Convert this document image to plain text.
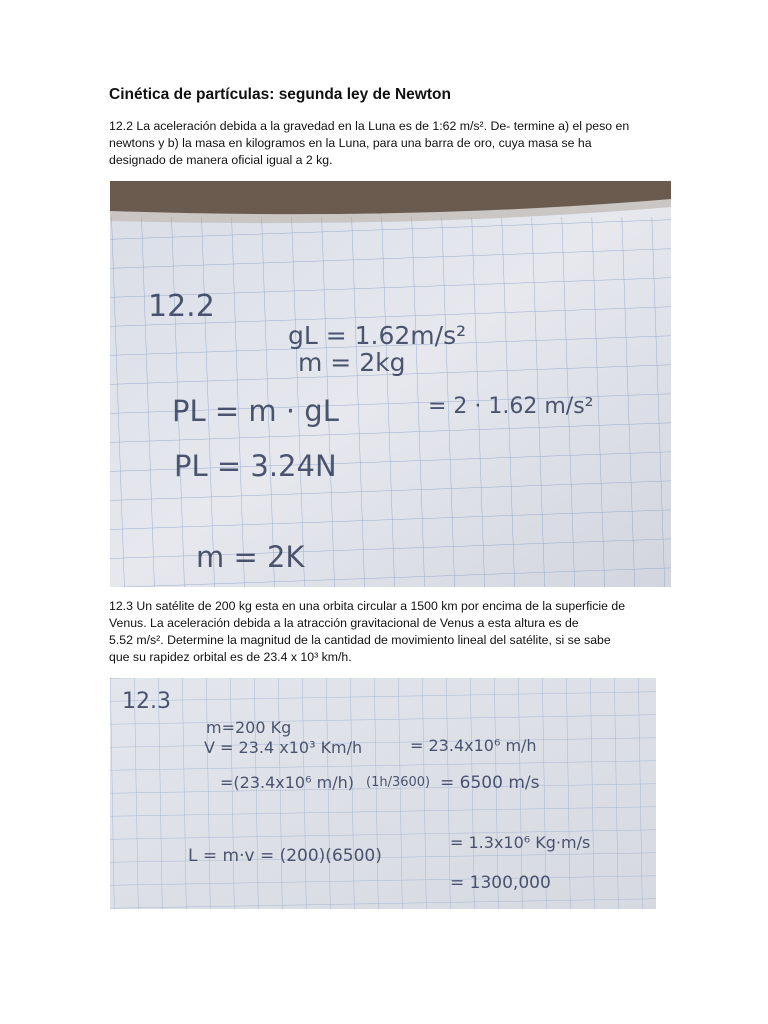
Cinética de partículas: segunda ley de Newton
12.2 La aceleración debida a la gravedad en la Luna es de 1:62 m/s². De- termine a) el peso en
newtons y b) la masa en kilogramos en la Luna, para una barra de oro, cuya masa se ha
designado de manera oficial igual a 2 kg.
12.2
gL = 1.62m/s²
m = 2kg
PL = m · gL	= 2 · 1.62 m/s²
PL = 3.24N
m = 2K
12.3 Un satélite de 200 kg esta en una orbita circular a 1500 km por encima de la superficie de
Venus. La aceleración debida a la atracción gravitacional de Venus a esta altura es de
5.52 m/s². Determine la magnitud de la cantidad de movimiento lineal del satélite, si se sabe
que su rapidez orbital es de 23.4 x 10³ km/h.
12.3
m=200 Kg
V = 23.4 x10³ Km/h	= 23.4x10⁶ m/h
=(23.4x10⁶ m/h) (1h/3600) = 6500 m/s
L = m·v = (200)(6500)
= 1.3x10⁶ Kg·m/s
= 1300,000
